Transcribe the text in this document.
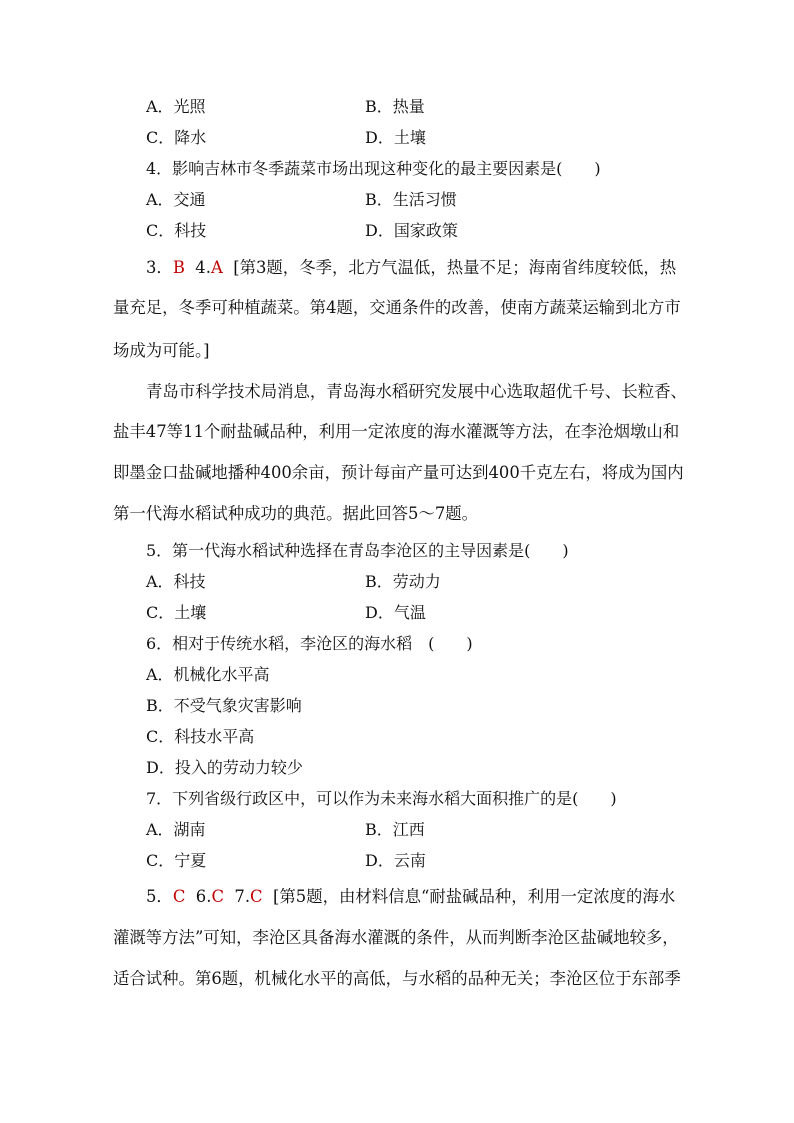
A．光照	B．热量
C．降水	D．土壤
4．影响吉林市冬季蔬菜市场出现这种变化的最主要因素是(　　)
A．交通	B．生活习惯
C．科技	D．国家政策
3．B 4.A [第3题，冬季，北方气温低，热量不足；海南省纬度较低，热
量充足，冬季可种植蔬菜。第4题，交通条件的改善，使南方蔬菜运输到北方市
场成为可能。]
青岛市科学技术局消息，青岛海水稻研究发展中心选取超优千号、长粒香、
盐丰47等11个耐盐碱品种，利用一定浓度的海水灌溉等方法，在李沧烟墩山和
即墨金口盐碱地播种400余亩，预计每亩产量可达到400千克左右，将成为国内
第一代海水稻试种成功的典范。据此回答5～7题。
5．第一代海水稻试种选择在青岛李沧区的主导因素是(　　)
A．科技	B．劳动力
C．土壤	D．气温
6．相对于传统水稻，李沧区的海水稻　(　　)
A．机械化水平高
B．不受气象灾害影响
C．科技水平高
D．投入的劳动力较少
7．下列省级行政区中，可以作为未来海水稻大面积推广的是(　　)
A．湖南	B．江西
C．宁夏	D．云南
5．C 6.C 7.C [第5题，由材料信息“耐盐碱品种，利用一定浓度的海水
灌溉等方法”可知，李沧区具备海水灌溉的条件，从而判断李沧区盐碱地较多，
适合试种。第6题，机械化水平的高低，与水稻的品种无关；李沧区位于东部季
